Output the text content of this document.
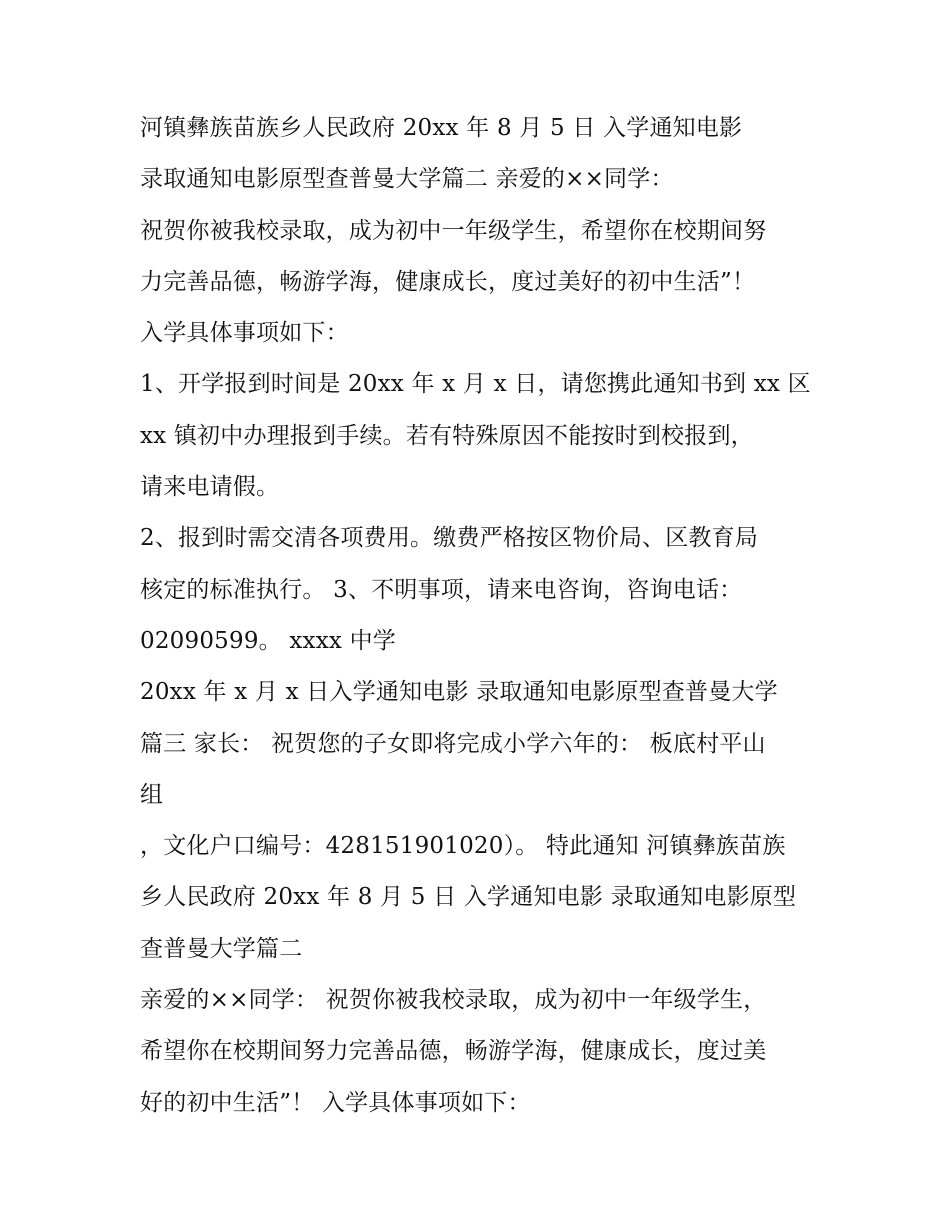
河镇彝族苗族乡人民政府 20xx 年 8 月 5 日 入学通知电影
录取通知电影原型查普曼大学篇二 亲爱的××同学：
祝贺你被我校录取，成为初中一年级学生，希望你在校期间努
力完善品德，畅游学海，健康成长，度过美好的初中生活”！
入学具体事项如下：
1、开学报到时间是 20xx 年 x 月 x 日，请您携此通知书到 xx 区
xx 镇初中办理报到手续。若有特殊原因不能按时到校报到，
请来电请假。
2、报到时需交清各项费用。缴费严格按区物价局、区教育局
核定的标准执行。 3、不明事项，请来电咨询，咨询电话：
02090599。 xxxx 中学
20xx 年 x 月 x 日入学通知电影 录取通知电影原型查普曼大学
篇三 家长： 祝贺您的子女即将完成小学六年的： 板底村平山
组
，文化户口编号：428151901020）。 特此通知 河镇彝族苗族
乡人民政府 20xx 年 8 月 5 日 入学通知电影 录取通知电影原型
查普曼大学篇二
亲爱的××同学： 祝贺你被我校录取，成为初中一年级学生，
希望你在校期间努力完善品德，畅游学海，健康成长，度过美
好的初中生活”！ 入学具体事项如下：
